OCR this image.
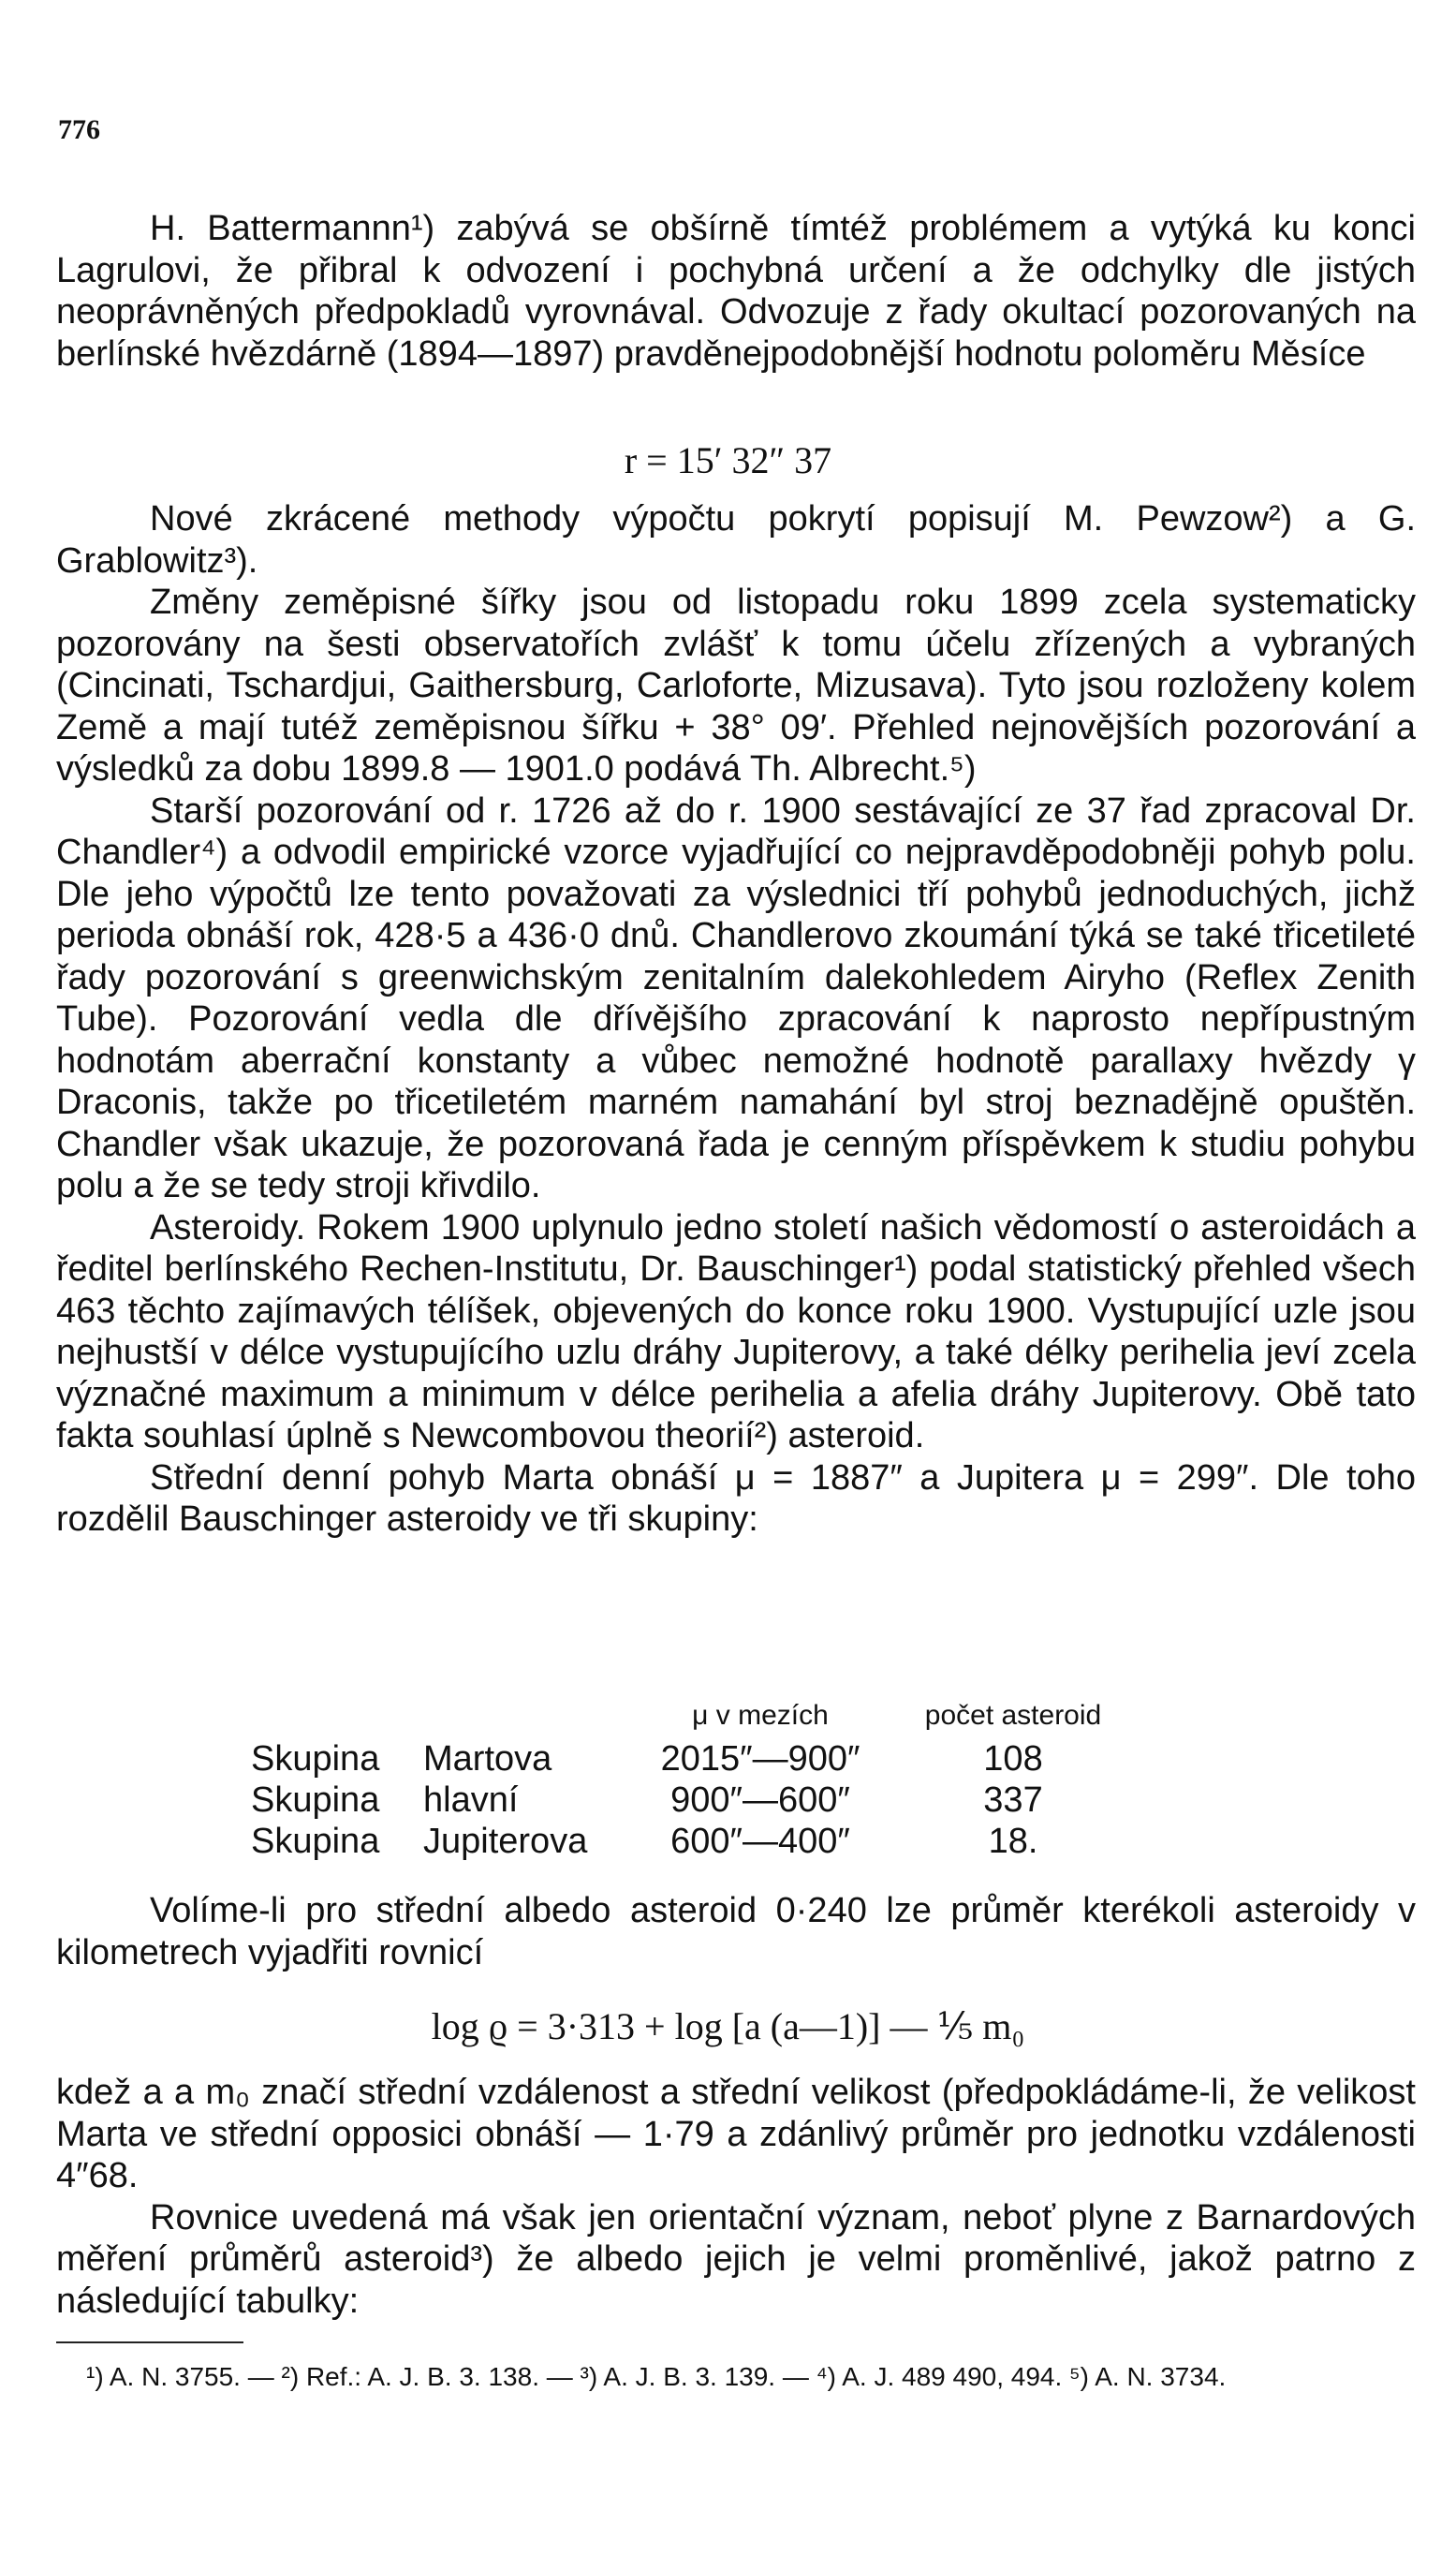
776

H. Battermannn¹) zabývá se obšírně tímtéž problémem a vytýká ku konci Lagrulovi, že přibral k odvození i pochybná určení a že odchylky dle jistých neoprávněných předpokladů vyrovnával. Odvozuje z řady okultací pozorovaných na berlínské hvězdárně (1894—1897) pravděnejpodobnější hodnotu poloměru Měsíce

r = 15′ 32″ 37

Nové zkrácené methody výpočtu pokrytí popisují M. Pewzow²) a G. Grablowitz³).

Změny zeměpisné šířky jsou od listopadu roku 1899 zcela systematicky pozorovány na šesti observatořích zvlášť k tomu účelu zřízených a vybraných (Cincinati, Tschardjui, Gaithersburg, Carloforte, Mizusava). Tyto jsou rozloženy kolem Země a mají tutéž zeměpisnou šířku + 38° 09′. Přehled nejnovějších pozorování a výsledků za dobu 1899.8 — 1901.0 podává Th. Albrecht.⁵)

Starší pozorování od r. 1726 až do r. 1900 sestávající ze 37 řad zpracoval Dr. Chandler⁴) a odvodil empirické vzorce vyjadřující co nejpravděpodobněji pohyb polu. Dle jeho výpočtů lze tento považovati za výslednici tří pohybů jednoduchých, jichž perioda obnáší rok, 428·5 a 436·0 dnů. Chandlerovo zkoumání týká se také třicetileté řady pozorování s greenwichským zenitalním dalekohledem Airyho (Reflex Zenith Tube). Pozorování vedla dle dřívějšího zpracování k naprosto nepřípustným hodnotám aberrační konstanty a vůbec nemožné hodnotě parallaxy hvězdy γ Draconis, takže po třicetiletém marném namahání byl stroj beznadějně opuštěn. Chandler však ukazuje, že pozorovaná řada je cenným příspěvkem k studiu pohybu polu a že se tedy stroji křivdilo.

Asteroidy. Rokem 1900 uplynulo jedno století našich vědomostí o asteroidách a ředitel berlínského Rechen-Institutu, Dr. Bauschinger¹) podal statistický přehled všech 463 těchto zajímavých télíšek, objevených do konce roku 1900. Vystupující uzle jsou nejhustší v délce vystupujícího uzlu dráhy Jupiterovy, a také délky perihelia jeví zcela význačné maximum a minimum v délce perihelia a afelia dráhy Jupiterovy. Obě tato fakta souhlasí úplně s Newcombovou theorií²) asteroid.

Střední denní pohyb Marta obnáší μ = 1887″ a Jupitera μ = 299″. Dle toho rozdělil Bauschinger asteroidy ve tři skupiny:

		μ v mezích	počet asteroid
Skupina	Martova	2015″—900″	108
Skupina	hlavní	900″—600″	337
Skupina	Jupiterova	600″—400″	18.

Volíme-li pro střední albedo asteroid 0·240 lze průměr kterékoli asteroidy v kilometrech vyjadřiti rovnicí

log ϱ = 3·313 + log [a (a—1)] — ⅕ m₀

kdež a a m₀ značí střední vzdálenost a střední velikost (předpokládáme-li, že velikost Marta ve střední opposici obnáší — 1·79 a zdánlivý průměr pro jednotku vzdálenosti 4″68.

Rovnice uvedená má však jen orientační význam, neboť plyne z Barnardových měření průměrů asteroid³) že albedo jejich je velmi proměnlivé, jakož patrno z následující tabulky:

¹) A. N. 3755. — ²) Ref.: A. J. B. 3. 138. — ³) A. J. B. 3. 139. — ⁴) A. J. 489 490, 494. ⁵) A. N. 3734.
